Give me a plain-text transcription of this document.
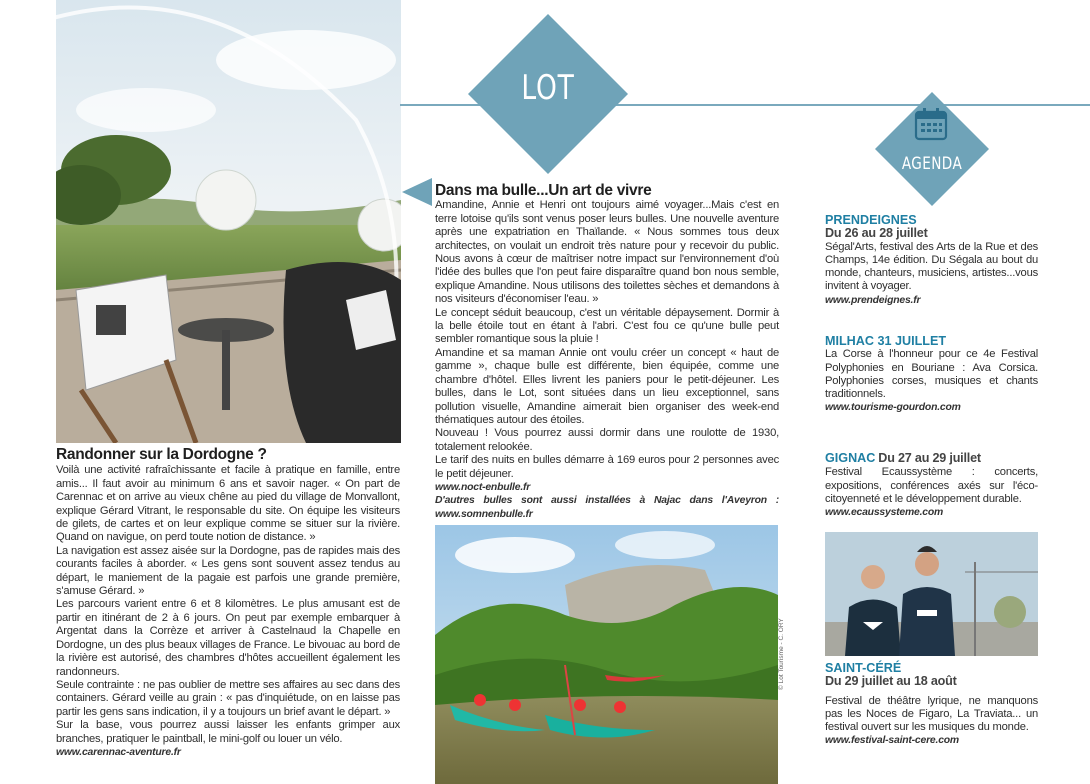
LOT
AGENDA
Randonner sur la Dordogne ?

Voilà une activité rafraîchissante et facile à pratique en famille, entre amis... Il faut avoir au minimum 6 ans et savoir nager. « On part de Carennac et on arrive au vieux chêne au pied du village de Monvallont, explique Gérard Vitrant, le responsable du site. On équipe les visiteurs de gilets, de cartes et on leur explique comme se situer sur la rivière. Quand on navigue, on perd toute notion de distance. »

La navigation est assez aisée sur la Dordogne, pas de rapides mais des courants faciles à aborder. « Les gens sont souvent assez tendus au départ, le maniement de la pagaie est parfois une grande première, s'amuse Gérard. »

Les parcours varient entre 6 et 8 kilomètres. Le plus amusant est de partir en itinérant de 2 à 6 jours. On peut par exemple embarquer à Argentat dans la Corrèze et arriver à Castelnaud la Chapelle en Dordogne, un des plus beaux villages de France. Le bivouac au bord de la rivière est autorisé, des chambres d'hôtes accueillent également les randonneurs.

Seule contrainte : ne pas oublier de mettre ses affaires au sec dans des containers. Gérard veille au grain : « pas d'inquiétude, on en laisse pas partir les gens sans indication, il y a toujours un brief avant le départ. »

Sur la base, vous pourrez aussi laisser les enfants grimper aux branches, pratiquer le paintball, le mini-golf ou louer un vélo.

www.carennac-aventure.fr

Dans ma bulle...Un art de vivre

Amandine, Annie et Henri ont toujours aimé voyager...Mais c'est en terre lotoise qu'ils sont venus poser leurs bulles. Une nouvelle aventure après une expatriation en Thaïlande. « Nous sommes tous deux architectes, on voulait un endroit très nature pour y recevoir du public. Nous avons à cœur de maîtriser notre impact sur l'environnement d'où l'idée des bulles que l'on peut faire disparaître quand bon nous semble, explique Amandine. Nous utilisons des toilettes sèches et demandons à nos visiteurs d'économiser l'eau. »

Le concept séduit beaucoup, c'est un véritable dépaysement. Dormir à la belle étoile tout en étant à l'abri. C'est fou ce qu'une bulle peut sembler romantique sous la pluie !

Amandine et sa maman Annie ont voulu créer un concept « haut de gamme », chaque bulle est différente, bien équipée, comme une chambre d'hôtel. Elles livrent les paniers pour le petit-déjeuner. Les bulles, dans le Lot, sont situées dans un lieu exceptionnel, sans pollution visuelle, Amandine aimerait bien organiser des week-end thématiques autour des étoiles.

Nouveau ! Vous pourrez aussi dormir dans une roulotte de 1930, totalement relookée.

Le tarif des nuits en bulles démarre à 169 euros pour 2 personnes avec le petit déjeuner.

www.noct-enbulle.fr

D'autres bulles sont aussi installées à Najac dans l'Aveyron : www.somnenbulle.fr

© Lot Tourisme - C. ORY

PRENDEIGNES

Du 26 au 28 juillet

Ségal'Arts, festival des Arts de la Rue et des Champs, 14e édition. Du Ségala au bout du monde, chanteurs, musiciens, artistes...vous invitent à voyager.

www.prendeignes.fr

MILHAC 31 JUILLET

La Corse à l'honneur pour ce 4e Festival Polyphonies en Bouriane : Ava Corsica. Polyphonies corses, musiques et chants traditionnels.

www.tourisme-gourdon.com

GIGNAC Du 27 au 29 juillet

Festival Ecaussystème : concerts, expositions, conférences axés sur l'éco-citoyenneté et le développement durable.

www.ecaussysteme.com

SAINT-CÉRÉ

Du 29 juillet au 18 août

Festival de théâtre lyrique, ne manquons pas les Noces de Figaro, La Traviata... un festival ouvert sur les musiques du monde.

www.festival-saint-cere.com
